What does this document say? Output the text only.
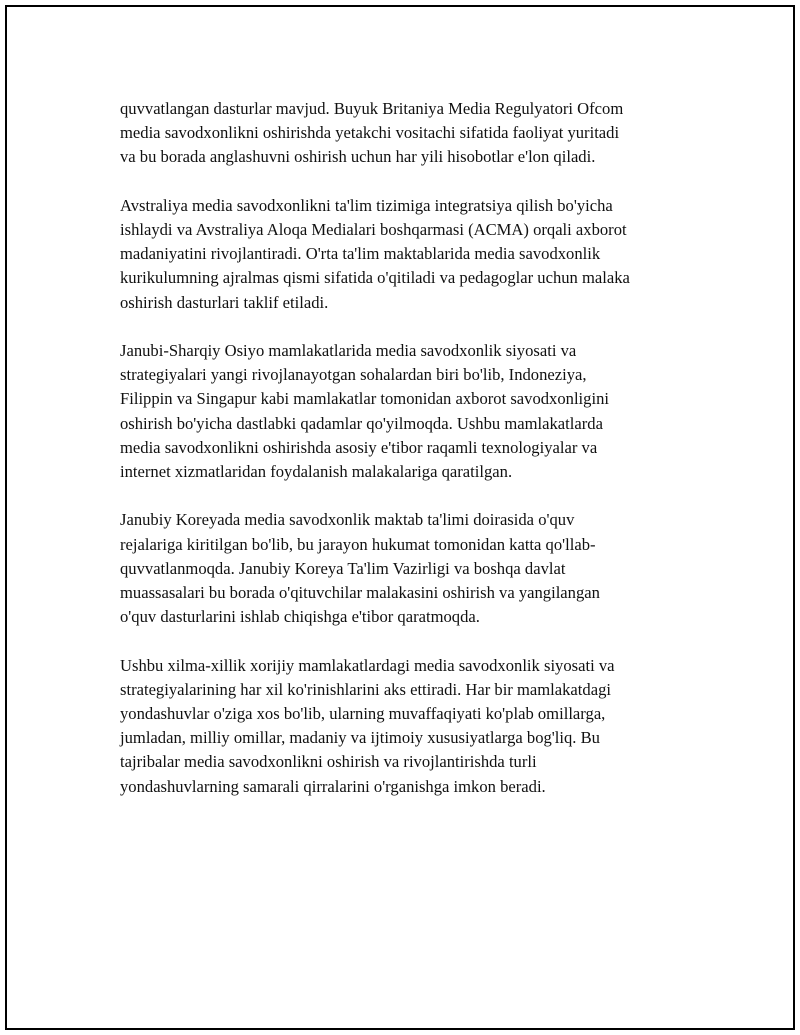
quvvatlangan dasturlar mavjud. Buyuk Britaniya Media Regulyatori Ofcom
media savodxonlikni oshirishda yetakchi vositachi sifatida faoliyat yuritadi
va bu borada anglashuvni oshirish uchun har yili hisobotlar e'lon qiladi.

Avstraliya media savodxonlikni ta'lim tizimiga integratsiya qilish bo'yicha
ishlaydi va Avstraliya Aloqa Medialari boshqarmasi (ACMA) orqali axborot
madaniyatini rivojlantiradi. O'rta ta'lim maktablarida media savodxonlik
kurikulumning ajralmas qismi sifatida o'qitiladi va pedagoglar uchun malaka
oshirish dasturlari taklif etiladi.

Janubi-Sharqiy Osiyo mamlakatlarida media savodxonlik siyosati va
strategiyalari yangi rivojlanayotgan sohalardan biri bo'lib, Indoneziya,
Filippin va Singapur kabi mamlakatlar tomonidan axborot savodxonligini
oshirish bo'yicha dastlabki qadamlar qo'yilmoqda. Ushbu mamlakatlarda
media savodxonlikni oshirishda asosiy e'tibor raqamli texnologiyalar va
internet xizmatlaridan foydalanish malakalariga qaratilgan.

Janubiy Koreyada media savodxonlik maktab ta'limi doirasida o'quv
rejalariga kiritilgan bo'lib, bu jarayon hukumat tomonidan katta qo'llab-
quvvatlanmoqda. Janubiy Koreya Ta'lim Vazirligi va boshqa davlat
muassasalari bu borada o'qituvchilar malakasini oshirish va yangilangan
o'quv dasturlarini ishlab chiqishga e'tibor qaratmoqda.

Ushbu xilma-xillik xorijiy mamlakatlardagi media savodxonlik siyosati va
strategiyalarining har xil ko'rinishlarini aks ettiradi. Har bir mamlakatdagi
yondashuvlar o'ziga xos bo'lib, ularning muvaffaqiyati ko'plab omillarga,
jumladan, milliy omillar, madaniy va ijtimoiy xususiyatlarga bog'liq. Bu
tajribalar media savodxonlikni oshirish va rivojlantirishda turli
yondashuvlarning samarali qirralarini o'rganishga imkon beradi.
